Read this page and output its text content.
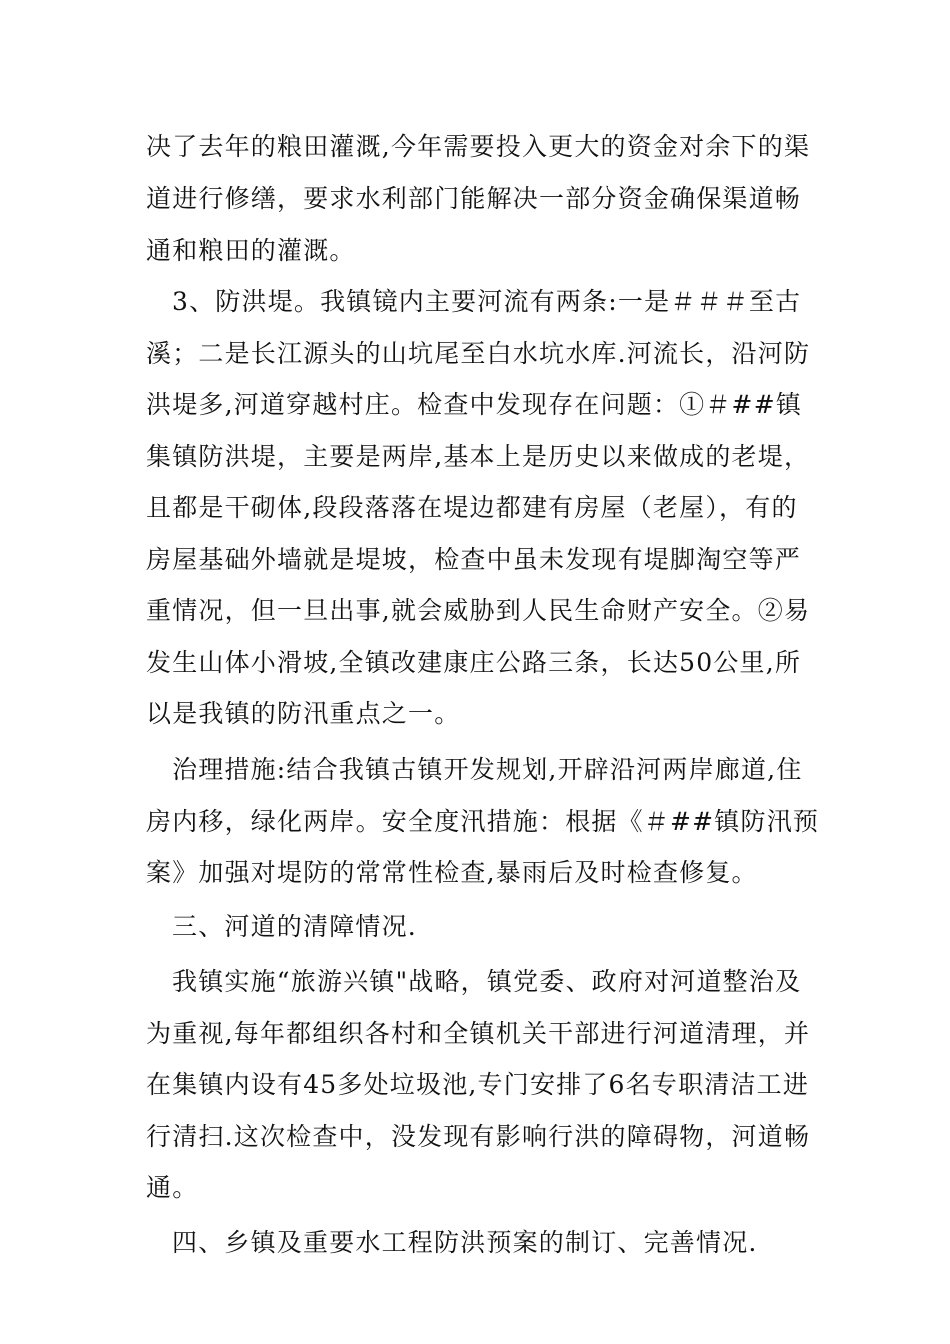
决了去年的粮田灌溉,今年需要投入更大的资金对余下的渠
道进行修缮，要求水利部门能解决一部分资金确保渠道畅
通和粮田的灌溉。
3、防洪堤。我镇镜内主要河流有两条:一是＃＃＃至古
溪；二是长江源头的山坑尾至白水坑水库.河流长，沿河防
洪堤多,河道穿越村庄。检查中发现存在问题：①＃##镇
集镇防洪堤，主要是两岸,基本上是历史以来做成的老堤，
且都是干砌体,段段落落在堤边都建有房屋（老屋），有的
房屋基础外墙就是堤坡，检查中虽未发现有堤脚淘空等严
重情况，但一旦出事,就会威胁到人民生命财产安全。②易
发生山体小滑坡,全镇改建康庄公路三条，长达50公里,所
以是我镇的防汛重点之一。
治理措施:结合我镇古镇开发规划,开辟沿河两岸廊道,住
房内移，绿化两岸。安全度汛措施：根据《＃##镇防汛预
案》加强对堤防的常常性检查,暴雨后及时检查修复。
三、河道的清障情况.
我镇实施“旅游兴镇"战略，镇党委、政府对河道整治及
为重视,每年都组织各村和全镇机关干部进行河道清理，并
在集镇内设有45多处垃圾池,专门安排了6名专职清洁工进
行清扫.这次检查中，没发现有影响行洪的障碍物，河道畅
通。
四、乡镇及重要水工程防洪预案的制订、完善情况.
